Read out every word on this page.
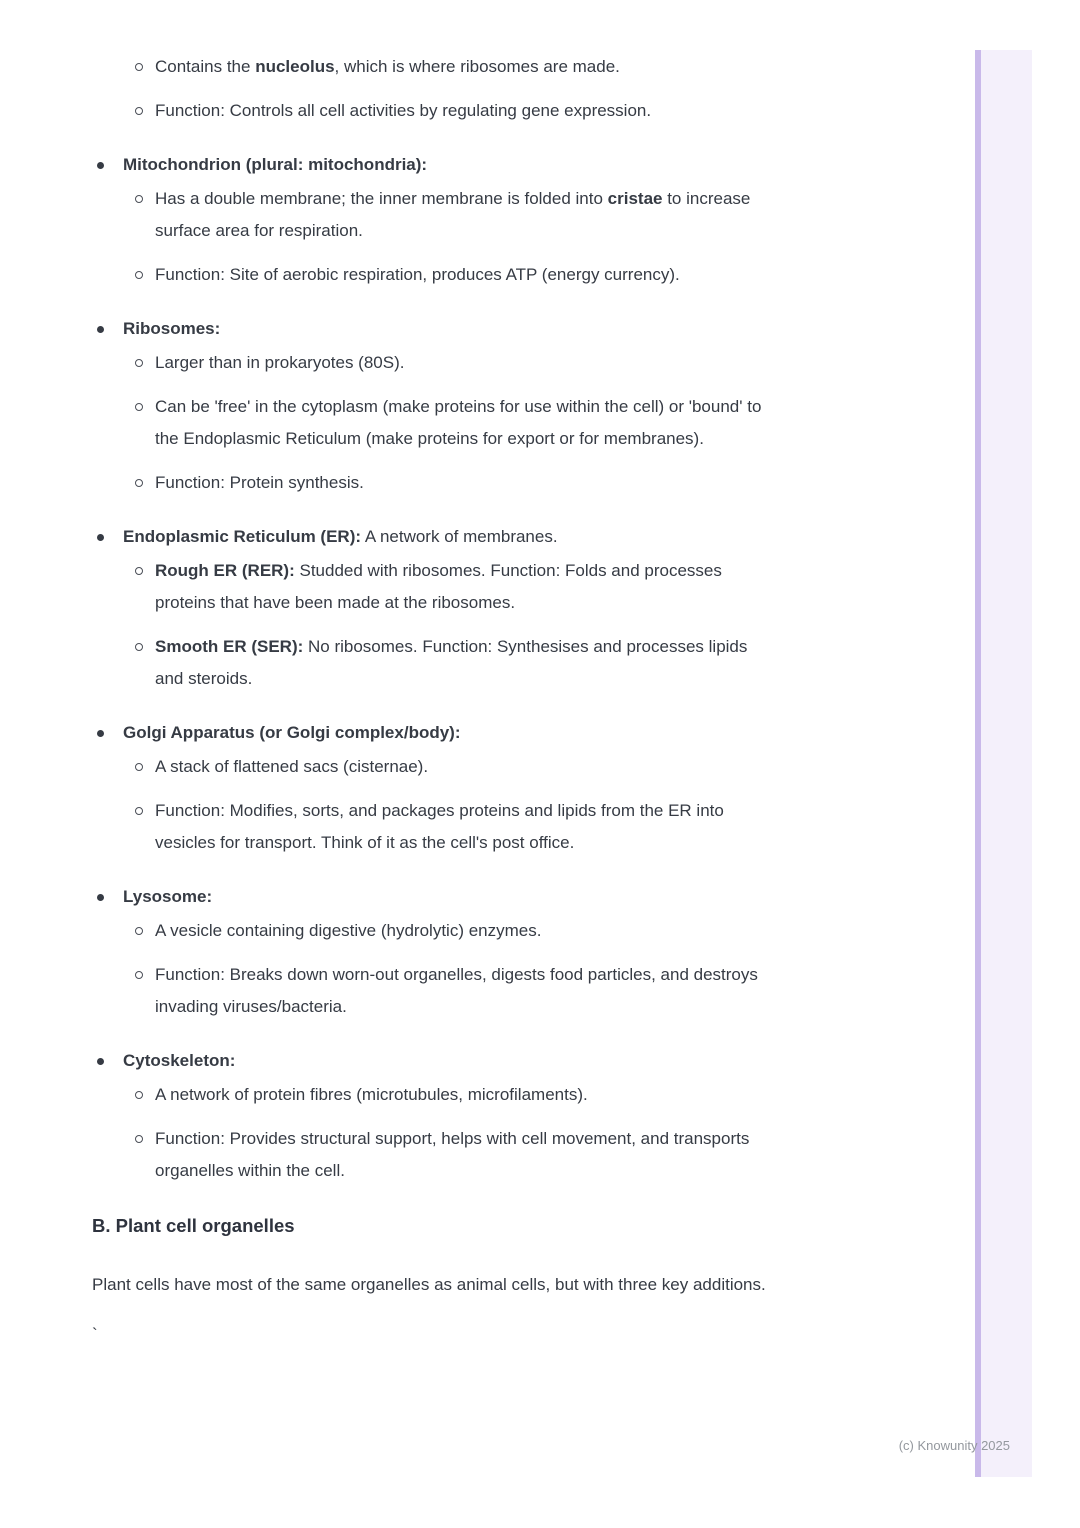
Contains the nucleolus, which is where ribosomes are made.
Function: Controls all cell activities by regulating gene expression.
Mitochondrion (plural: mitochondria):
Has a double membrane; the inner membrane is folded into cristae to increase surface area for respiration.
Function: Site of aerobic respiration, produces ATP (energy currency).
Ribosomes:
Larger than in prokaryotes (80S).
Can be 'free' in the cytoplasm (make proteins for use within the cell) or 'bound' to the Endoplasmic Reticulum (make proteins for export or for membranes).
Function: Protein synthesis.
Endoplasmic Reticulum (ER): A network of membranes.
Rough ER (RER): Studded with ribosomes. Function: Folds and processes proteins that have been made at the ribosomes.
Smooth ER (SER): No ribosomes. Function: Synthesises and processes lipids and steroids.
Golgi Apparatus (or Golgi complex/body):
A stack of flattened sacs (cisternae).
Function: Modifies, sorts, and packages proteins and lipids from the ER into vesicles for transport. Think of it as the cell's post office.
Lysosome:
A vesicle containing digestive (hydrolytic) enzymes.
Function: Breaks down worn-out organelles, digests food particles, and destroys invading viruses/bacteria.
Cytoskeleton:
A network of protein fibres (microtubules, microfilaments).
Function: Provides structural support, helps with cell movement, and transports organelles within the cell.
B. Plant cell organelles

Plant cells have most of the same organelles as animal cells, but with three key additions.

`
(c) Knowunity 2025
